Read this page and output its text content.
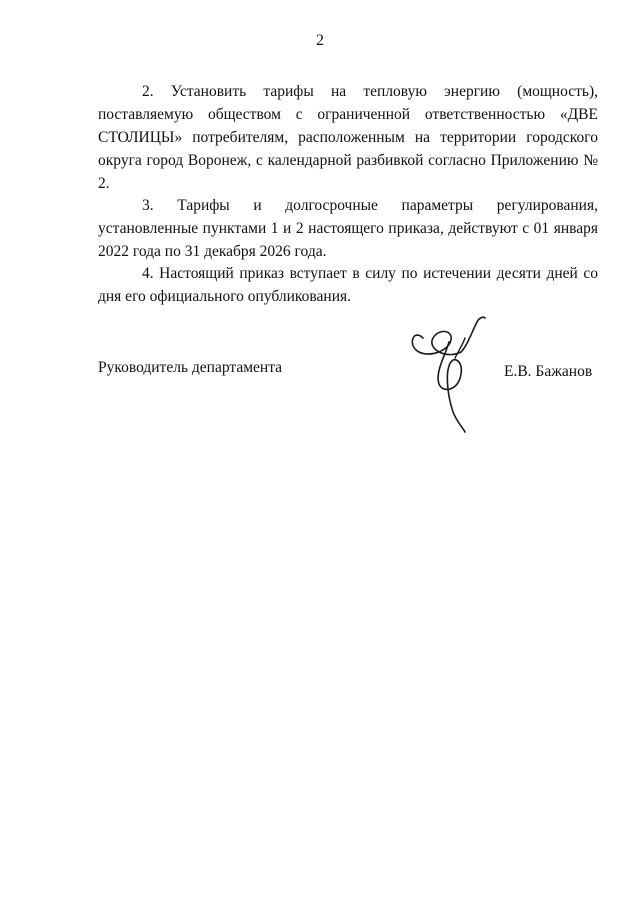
2

2. Установить тарифы на тепловую энергию (мощность), поставляемую обществом с ограниченной ответственностью «ДВЕ СТОЛИЦЫ» потребителям, расположенным на территории городского округа город Воронеж, с календарной разбивкой согласно Приложению № 2.

3. Тарифы и долгосрочные параметры регулирования, установленные пунктами 1 и 2 настоящего приказа, действуют с 01 января 2022 года по 31 декабря 2026 года.

4. Настоящий приказ вступает в силу по истечении десяти дней со дня его официального опубликования.

Руководитель департамента	Е.В. Бажанов
